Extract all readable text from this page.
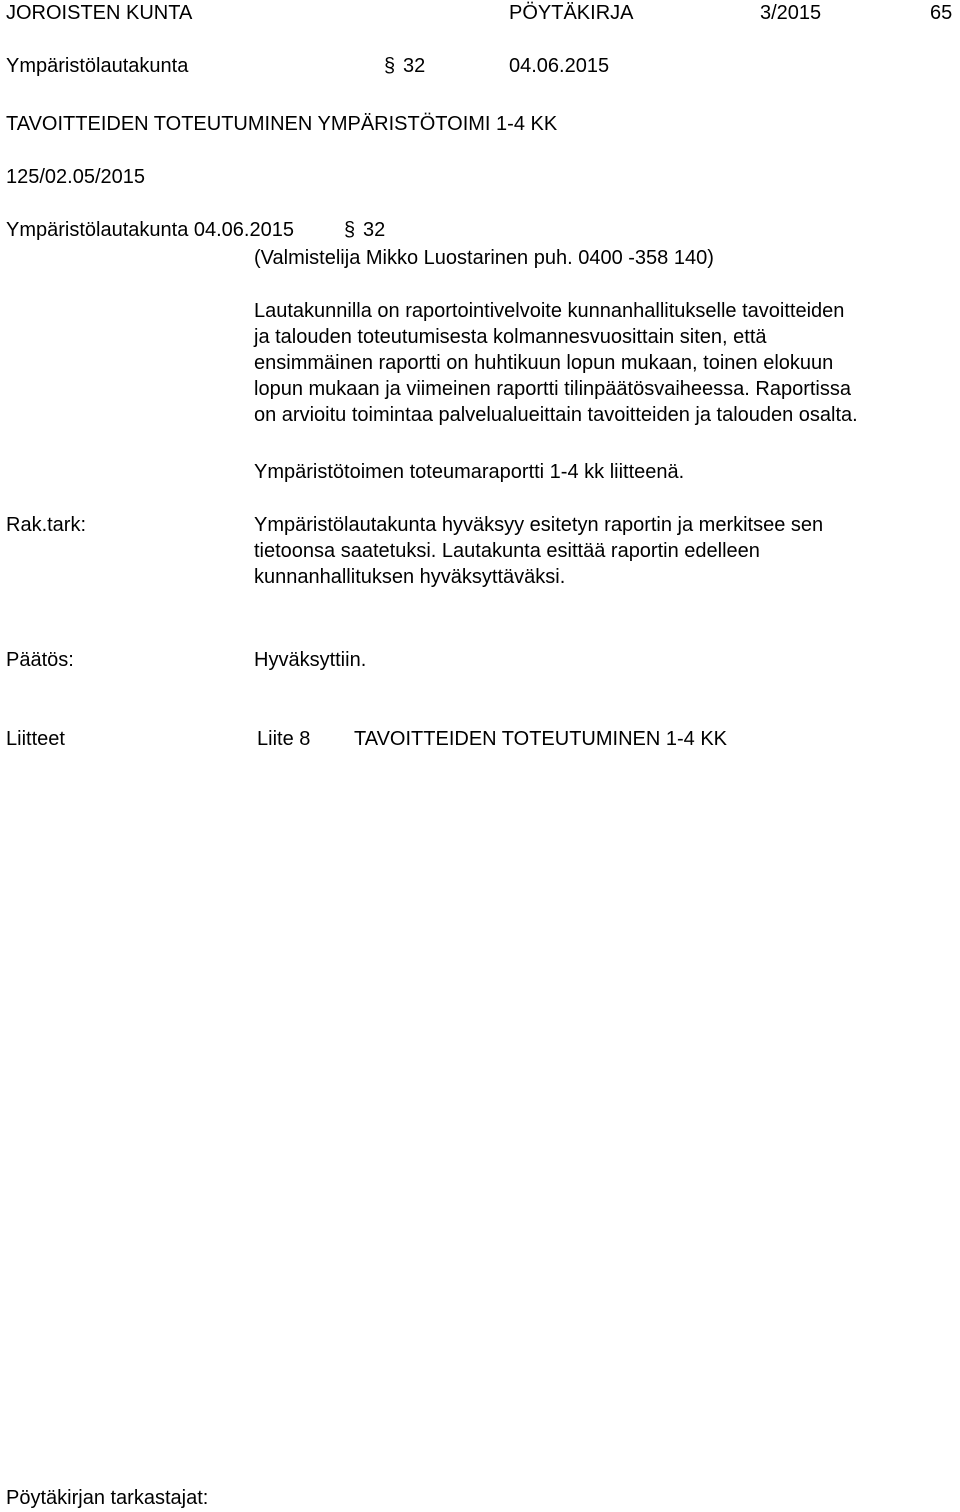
JOROISTEN KUNTA	PÖYTÄKIRJA	3/2015	65
Ympäristölautakunta	§ 32	04.06.2015
TAVOITTEIDEN TOTEUTUMINEN YMPÄRISTÖTOIMI 1-4 KK
125/02.05/2015
Ympäristölautakunta 04.06.2015	§ 32
(Valmistelija Mikko Luostarinen puh. 0400 -358 140)
Lautakunnilla on raportointivelvoite kunnanhallitukselle tavoitteiden
ja talouden toteutumisesta kolmannesvuosittain siten, että
ensimmäinen raportti on huhtikuun lopun mukaan, toinen elokuun
lopun mukaan ja viimeinen raportti tilinpäätösvaiheessa. Raportissa
on arvioitu toimintaa palvelualueittain tavoitteiden ja talouden osalta.
Ympäristötoimen toteumaraportti 1-4 kk liitteenä.
Rak.tark:	Ympäristölautakunta hyväksyy esitetyn raportin ja merkitsee sen
tietoonsa saatetuksi. Lautakunta esittää raportin edelleen
kunnanhallituksen hyväksyttäväksi.
Päätös:	Hyväksyttiin.
Liitteet	Liite 8 TAVOITTEIDEN TOTEUTUMINEN 1-4 KK
Pöytäkirjan tarkastajat:
